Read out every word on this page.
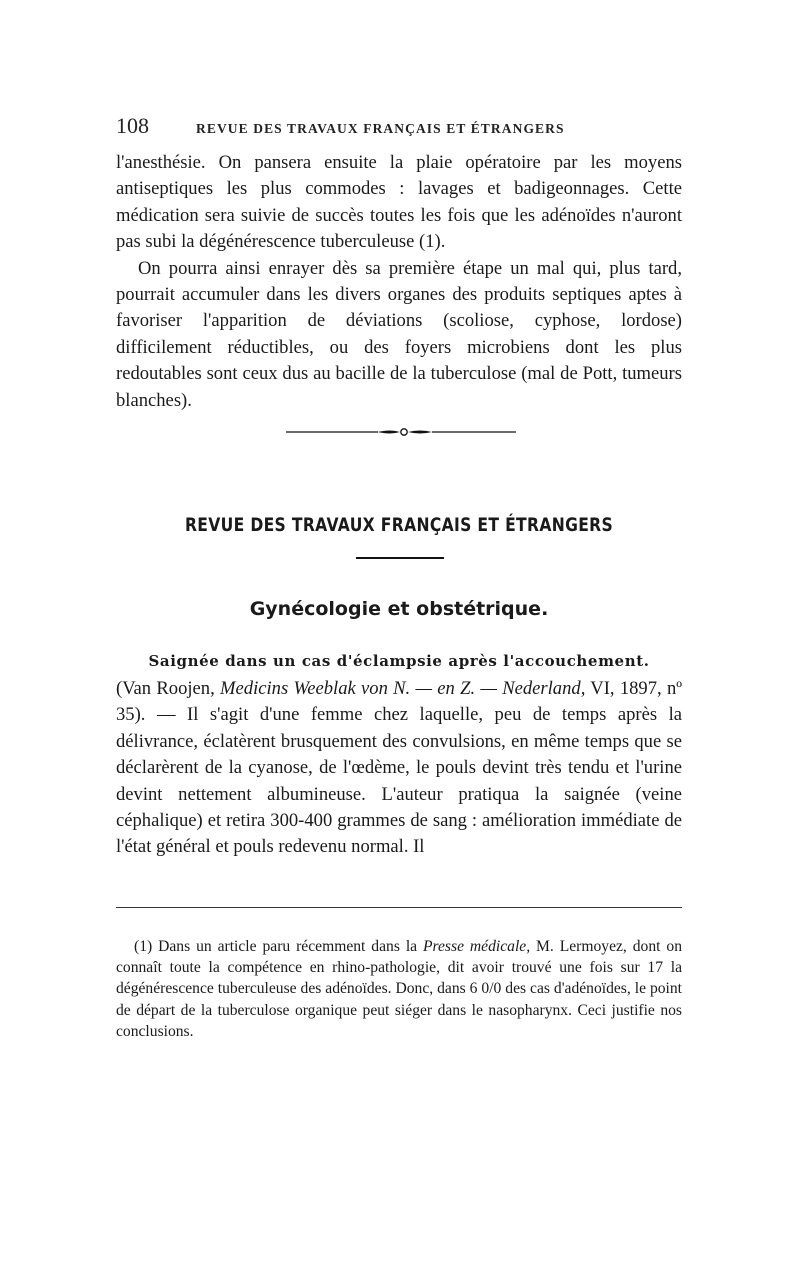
108	REVUE DES TRAVAUX FRANÇAIS ET ÉTRANGERS

l'anesthésie. On pansera ensuite la plaie opératoire par les moyens antiseptiques les plus commodes : lavages et badigeonnages. Cette médication sera suivie de succès toutes les fois que les adénoïdes n'auront pas subi la dégénérescence tuberculeuse (1).

On pourra ainsi enrayer dès sa première étape un mal qui, plus tard, pourrait accumuler dans les divers organes des produits septiques aptes à favoriser l'apparition de déviations (scoliose, cyphose, lordose) difficilement réductibles, ou des foyers microbiens dont les plus redoutables sont ceux dus au bacille de la tuberculose (mal de Pott, tumeurs blanches).

REVUE DES TRAVAUX FRANÇAIS ET ÉTRANGERS
Gynécologie et obstétrique.
Saignée dans un cas d'éclampsie après l'accouchement.

(Van Roojen, Medicins Weeblak von N. — en Z. — Nederland, VI, 1897, nº 35). — Il s'agit d'une femme chez laquelle, peu de temps après la délivrance, éclatèrent brusquement des convulsions, en même temps que se déclarèrent de la cyanose, de l'œdème, le pouls devint très tendu et l'urine devint nettement albumineuse. L'auteur pratiqua la saignée (veine céphalique) et retira 300-400 grammes de sang : amélioration immédiate de l'état général et pouls redevenu normal. Il

(1) Dans un article paru récemment dans la Presse médicale, M. Lermoyez, dont on connaît toute la compétence en rhino-pathologie, dit avoir trouvé une fois sur 17 la dégénérescence tuberculeuse des adénoïdes. Donc, dans 6 0/0 des cas d'adénoïdes, le point de départ de la tuberculose organique peut siéger dans le nasopharynx. Ceci justifie nos conclusions.
